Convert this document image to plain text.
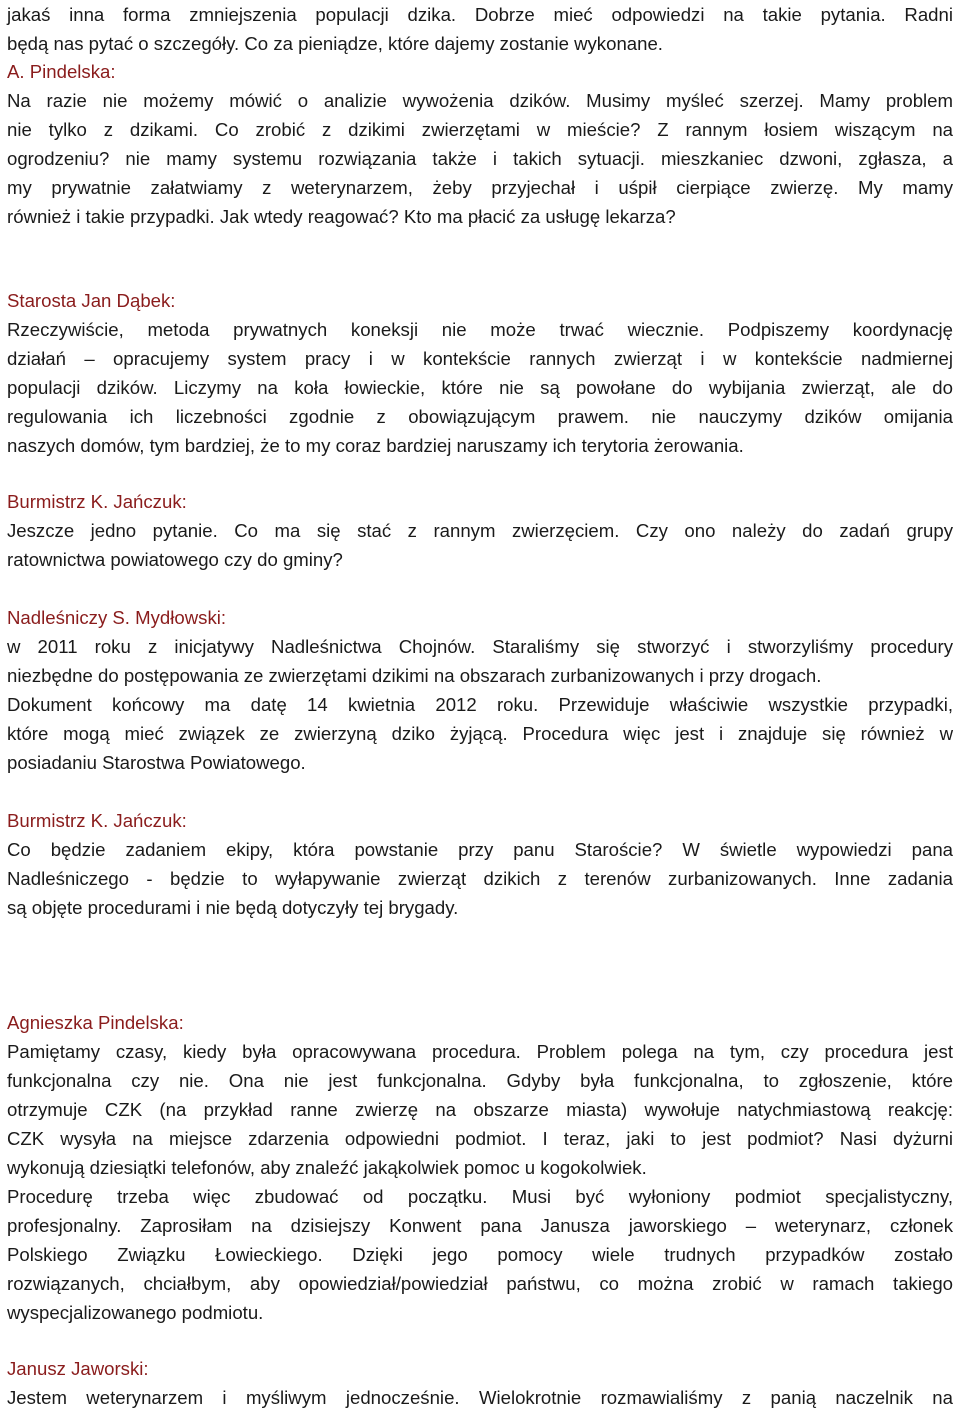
jakaś inna forma zmniejszenia populacji dzika. Dobrze mieć odpowiedzi na takie pytania. Radni
będą nas pytać o szczegóły. Co za pieniądze, które dajemy zostanie wykonane.
A. Pindelska:
Na razie nie możemy mówić o analizie wywożenia dzików. Musimy myśleć szerzej. Mamy problem
nie tylko z dzikami. Co zrobić z dzikimi zwierzętami w mieście? Z rannym łosiem wiszącym na
ogrodzeniu? nie mamy systemu rozwiązania także i takich sytuacji. mieszkaniec dzwoni, zgłasza, a
my prywatnie załatwiamy z weterynarzem, żeby przyjechał i uśpił cierpiące zwierzę. My mamy
również i takie przypadki. Jak wtedy reagować? Kto ma płacić za usługę lekarza?
Starosta Jan Dąbek:
Rzeczywiście, metoda prywatnych koneksji nie może trwać wiecznie. Podpiszemy koordynację
działań – opracujemy system pracy i w kontekście rannych zwierząt i w kontekście nadmiernej
populacji dzików. Liczymy na koła łowieckie, które nie są powołane do wybijania zwierząt, ale do
regulowania ich liczebności zgodnie z obowiązującym prawem. nie nauczymy dzików omijania
naszych domów, tym bardziej, że to my coraz bardziej naruszamy ich terytoria żerowania.
Burmistrz K. Jańczuk:
Jeszcze jedno pytanie. Co ma się stać z rannym zwierzęciem. Czy ono należy do zadań grupy
ratownictwa powiatowego czy do gminy?
Nadleśniczy S. Mydłowski:
w 2011 roku z inicjatywy Nadleśnictwa Chojnów. Staraliśmy się stworzyć i stworzyliśmy procedury
niezbędne do postępowania ze zwierzętami dzikimi na obszarach zurbanizowanych i przy drogach.
Dokument końcowy ma datę 14 kwietnia 2012 roku. Przewiduje właściwie wszystkie przypadki,
które mogą mieć związek ze zwierzyną dziko żyjącą. Procedura więc jest i znajduje się również w
posiadaniu Starostwa Powiatowego.
Burmistrz K. Jańczuk:
Co będzie zadaniem ekipy, która powstanie przy panu Staroście? W świetle wypowiedzi pana
Nadleśniczego - będzie to wyłapywanie zwierząt dzikich z terenów zurbanizowanych. Inne zadania
są objęte procedurami i nie będą dotyczyły tej brygady.
Agnieszka Pindelska:
Pamiętamy czasy, kiedy była opracowywana procedura. Problem polega na tym, czy procedura jest
funkcjonalna czy nie. Ona nie jest funkcjonalna. Gdyby była funkcjonalna, to zgłoszenie, które
otrzymuje CZK (na przykład ranne zwierzę na obszarze miasta) wywołuje natychmiastową reakcję:
CZK wysyła na miejsce zdarzenia odpowiedni podmiot. I teraz, jaki to jest podmiot? Nasi dyżurni
wykonują dziesiątki telefonów, aby znaleźć jakąkolwiek pomoc u kogokolwiek.
Procedurę trzeba więc zbudować od początku. Musi być wyłoniony podmiot specjalistyczny,
profesjonalny. Zaprosiłam na dzisiejszy Konwent pana Janusza jaworskiego – weterynarz, członek
Polskiego Związku Łowieckiego. Dzięki jego pomocy wiele trudnych przypadków zostało
rozwiązanych, chciałbym, aby opowiedział/powiedział państwu, co można zrobić w ramach takiego
wyspecjalizowanego podmiotu.
Janusz Jaworski:
Jestem weterynarzem i myśliwym jednocześnie. Wielokrotnie rozmawialiśmy z panią naczelnik na
